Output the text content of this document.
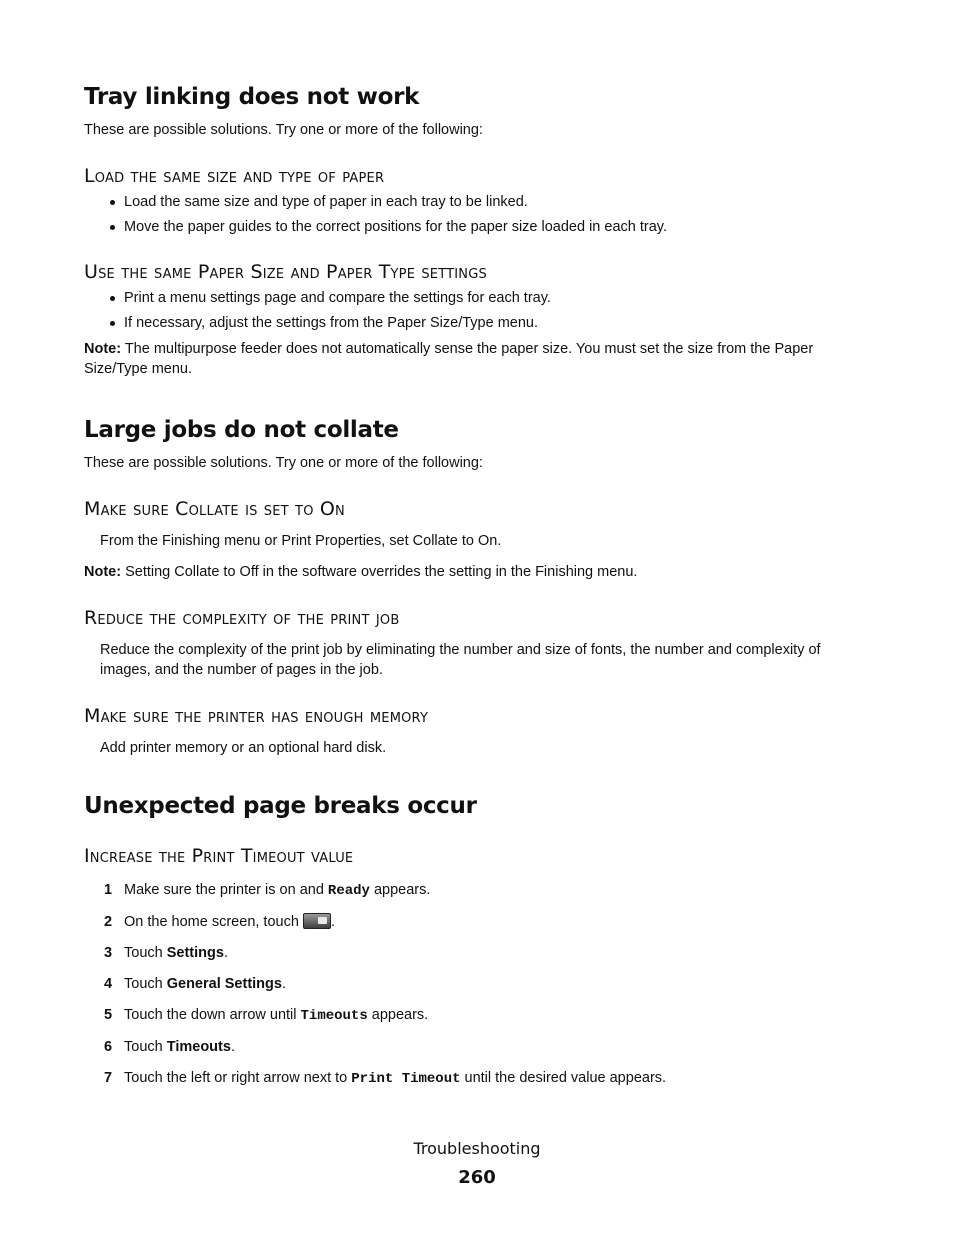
Tray linking does not work

These are possible solutions. Try one or more of the following:

Load the same size and type of paper
Load the same size and type of paper in each tray to be linked.
Move the paper guides to the correct positions for the paper size loaded in each tray.
Use the same Paper Size and Paper Type settings
Print a menu settings page and compare the settings for each tray.
If necessary, adjust the settings from the Paper Size/Type menu.

Note: The multipurpose feeder does not automatically sense the paper size. You must set the size from the Paper Size/Type menu.

Large jobs do not collate

These are possible solutions. Try one or more of the following:

Make sure Collate is set to On

From the Finishing menu or Print Properties, set Collate to On.

Note: Setting Collate to Off in the software overrides the setting in the Finishing menu.

Reduce the complexity of the print job

Reduce the complexity of the print job by eliminating the number and size of fonts, the number and complexity of images, and the number of pages in the job.

Make sure the printer has enough memory

Add printer memory or an optional hard disk.

Unexpected page breaks occur
Increase the Print Timeout value
1 Make sure the printer is on and Ready appears.
2 On the home screen, touch .
3 Touch Settings.
4 Touch General Settings.
5 Touch the down arrow until Timeouts appears.
6 Touch Timeouts.
7 Touch the left or right arrow next to Print Timeout until the desired value appears.
Troubleshooting
260
